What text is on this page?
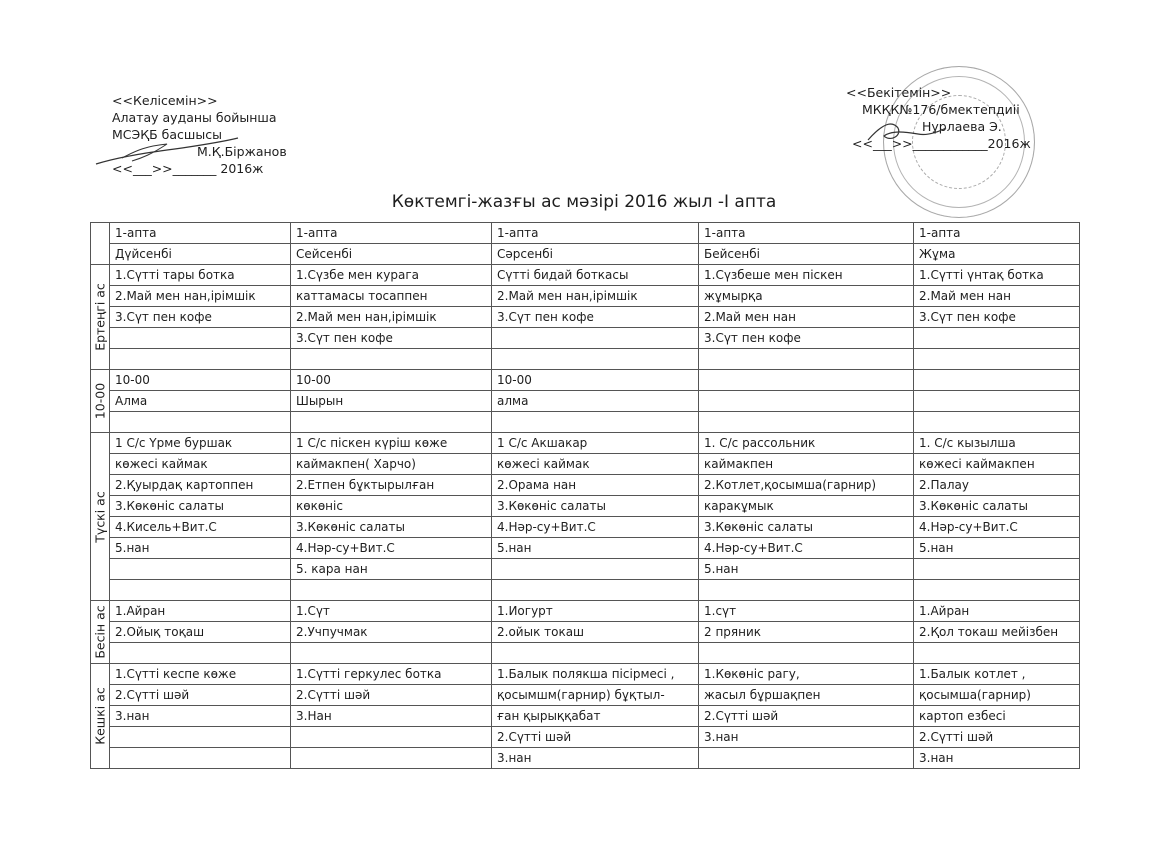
<<Келісемін>>
Алатау ауданы бойынша
МСЭҚБ басшысы
М.Қ.Біржанов
<<___>>_______ 2016ж
<<Бекітемін>>
МКҚК№176/бмектепдиіі
Нұрлаева Э.
<<___>>____________2016ж
Көктемгі-жазғы ас мәзірі 2016 жыл -І апта
	1-апта	1-апта	1-апта	1-апта	1-апта
	Дүйсенбі	Сейсенбі	Сәрсенбі	Бейсенбі	Жұма

Ертеңгі ас	1.Сүтті тары ботка	1.Сүзбе мен курага	Сүтті бидай боткасы	1.Сүзбеше мен піскен	1.Сүтті үнтақ ботка
	2.Май мен нан,ірімшік	каттамасы тосаппен	2.Май мен нан,ірімшік	жұмырқа	2.Май мен нан
	3.Сүт пен кофе	2.Май мен нан,ірімшік	3.Сүт пен кофе	2.Май мен нан	3.Сүт пен кофе
		3.Сүт пен кофе		3.Сүт пен кофе	

10-00	10-00	10-00	10-00		
	Алма	Шырын	алма		

Түскі ас	1 С/с Үрме буршак	1 С/с піскен күріш көже	1 С/с Акшакар	1. С/с рассольник	1. С/с кызылша
	көжесі каймак	каймакпен( Харчо)	көжесі каймак	каймакпен	көжесі каймакпен
	2.Қуырдақ картоппен	2.Етпен бұктырылған	2.Орама нан	2.Котлет,қосымша(гарнир)	2.Палау
	3.Көкөніс салаты	көкөніс	3.Көкөніс салаты	каракұмык	3.Көкөніс салаты
	4.Кисель+Вит.С	3.Көкөніс салаты	4.Нәр-су+Вит.С	3.Көкөніс салаты	4.Нәр-су+Вит.С
	5.нан	4.Нәр-су+Вит.С	5.нан	4.Нәр-су+Вит.С	5.нан
		5. кара нан		5.нан	

Бесін ас	1.Айран	1.Сүт	1.Иогурт	1.сүт	1.Айран
	2.Ойық тоқаш	2.Учпучмак	2.ойык токаш	2 пряник	2.Қол токаш мейізбен

Кешкі ас	1.Сүтті кеспе көже	1.Сүтті геркулес ботка	1.Балык полякша пісірмесі ,	1.Көкөніс рагу,	1.Балык котлет ,
	2.Сүтті шәй	2.Сүтті шәй	қосымшм(гарнир) бұқтыл-	жасыл бұршақпен	қосымша(гарнир)
	3.нан	3.Нан	ған қырыққабат	2.Сүтті шәй	картоп езбесі
			2.Сүтті шәй	3.нан	2.Сүтті шәй
			3.нан		3.нан
